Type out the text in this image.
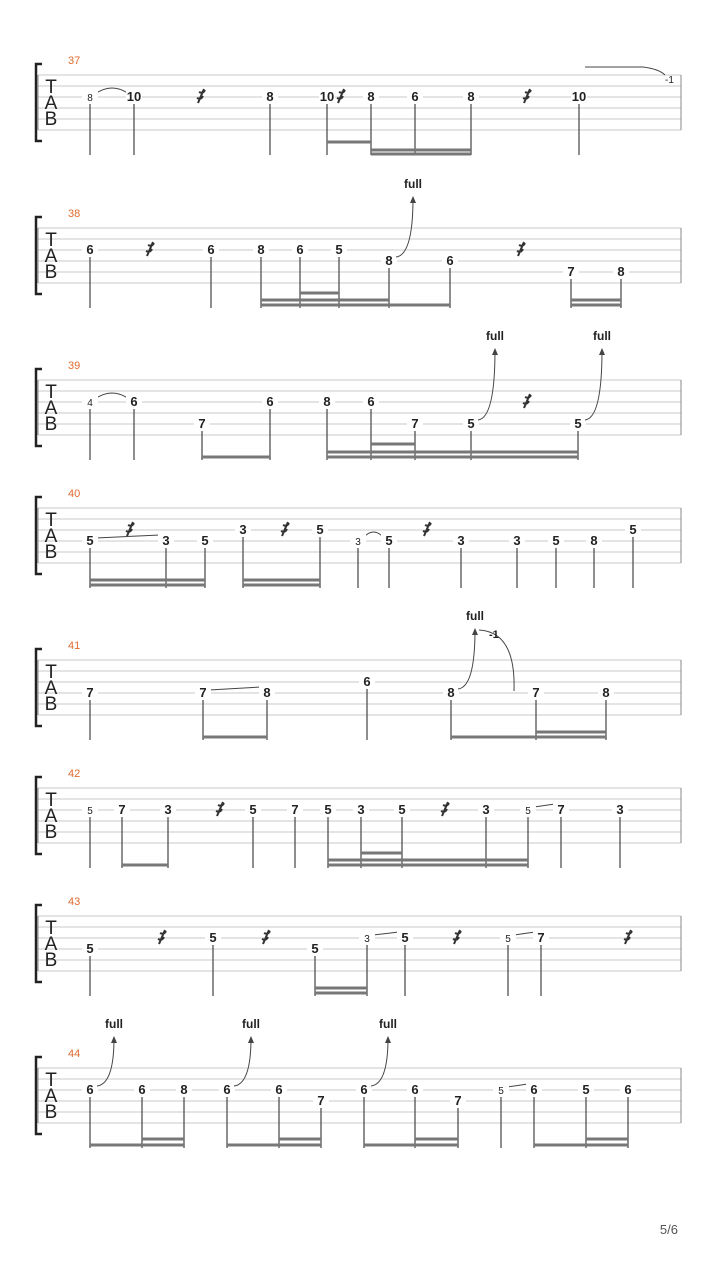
T
A
B
37
8	10	8	10	8	6	8	10
T
A
B
38
6	6	8 6 5
8	6
7	8
T
A
B
39
4	6
7
6	8	6
7	5	5
T
A
B
40
5	3 5
3	5
3 5	3	3 5 8
5
T
A
B
41
7	7	8
6
8	7	8
T
A
B
42
5 7	3	5	7 5 3	5	3	5 7	3
T
A
B
43
5
5
5
3 5	5 7
T
A
B
44
6	6	8	6	6
7
6	6
7
5 6	5	6
-1
full
full	full
full
-1
full	full	full
5/6
